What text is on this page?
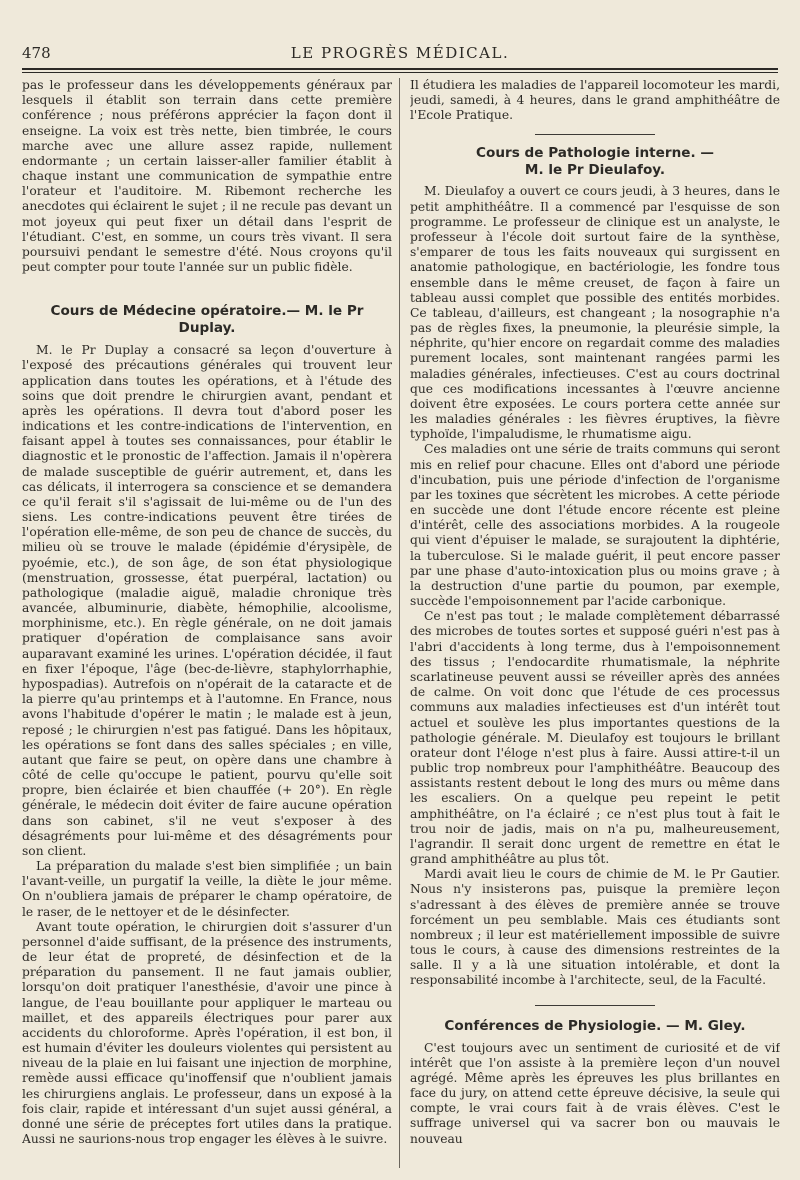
478	LE PROGRÈS MÉDICAL.

pas le professeur dans les développements généraux par lesquels il établit son terrain dans cette première conférence ; nous préférons apprécier la façon dont il enseigne. La voix est très nette, bien timbrée, le cours marche avec une allure assez rapide, nullement endormante ; un certain laisser-aller familier établit à chaque instant une communication de sympathie entre l'orateur et l'auditoire. M. Ribemont recherche les anecdotes qui éclairent le sujet ; il ne recule pas devant un mot joyeux qui peut fixer un détail dans l'esprit de l'étudiant. C'est, en somme, un cours très vivant. Il sera poursuivi pendant le semestre d'été. Nous croyons qu'il peut compter pour toute l'année sur un public fidèle.

Cours de Médecine opératoire.— M. le Pr Duplay.

M. le Pr Duplay a consacré sa leçon d'ouverture à l'exposé des précautions générales qui trouvent leur application dans toutes les opérations, et à l'étude des soins que doit prendre le chirurgien avant, pendant et après les opérations. Il devra tout d'abord poser les indications et les contre-indications de l'intervention, en faisant appel à toutes ses connaissances, pour établir le diagnostic et le pronostic de l'affection. Jamais il n'opèrera de malade susceptible de guérir autrement, et, dans les cas délicats, il interrogera sa conscience et se demandera ce qu'il ferait s'il s'agissait de lui-même ou de l'un des siens. Les contre-indications peuvent être tirées de l'opération elle-même, de son peu de chance de succès, du milieu où se trouve le malade (épidémie d'érysipèle, de pyoémie, etc.), de son âge, de son état physiologique (menstruation, grossesse, état puerpéral, lactation) ou pathologique (maladie aiguë, maladie chronique très avancée, albuminurie, diabète, hémophilie, alcoolisme, morphinisme, etc.). En règle générale, on ne doit jamais pratiquer d'opération de complaisance sans avoir auparavant examiné les urines. L'opération décidée, il faut en fixer l'époque, l'âge (bec-de-lièvre, staphylorrhaphie, hypospadias). Autrefois on n'opérait de la cataracte et de la pierre qu'au printemps et à l'automne. En France, nous avons l'habitude d'opérer le matin ; le malade est à jeun, reposé ; le chirurgien n'est pas fatigué. Dans les hôpitaux, les opérations se font dans des salles spéciales ; en ville, autant que faire se peut, on opère dans une chambre à côté de celle qu'occupe le patient, pourvu qu'elle soit propre, bien éclairée et bien chauffée (+ 20°). En règle générale, le médecin doit éviter de faire aucune opération dans son cabinet, s'il ne veut s'exposer à des désagréments pour lui-même et des désagréments pour son client.

La préparation du malade s'est bien simplifiée ; un bain l'avant-veille, un purgatif la veille, la diète le jour même. On n'oubliera jamais de préparer le champ opératoire, de le raser, de le nettoyer et de le désinfecter.

Avant toute opération, le chirurgien doit s'assurer d'un personnel d'aide suffisant, de la présence des instruments, de leur état de propreté, de désinfection et de la préparation du pansement. Il ne faut jamais oublier, lorsqu'on doit pratiquer l'anesthésie, d'avoir une pince à langue, de l'eau bouillante pour appliquer le marteau ou maillet, et des appareils électriques pour parer aux accidents du chloroforme. Après l'opération, il est bon, il est humain d'éviter les douleurs violentes qui persistent au niveau de la plaie en lui faisant une injection de morphine, remède aussi efficace qu'inoffensif que n'oublient jamais les chirurgiens anglais. Le professeur, dans un exposé à la fois clair, rapide et intéressant d'un sujet aussi général, a donné une série de préceptes fort utiles dans la pratique. Aussi ne saurions-nous trop engager les élèves à le suivre.

Il étudiera les maladies de l'appareil locomoteur les mardi, jeudi, samedi, à 4 heures, dans le grand amphithéâtre de l'Ecole Pratique.

Cours de Pathologie interne. —
M. le Pr Dieulafoy.

M. Dieulafoy a ouvert ce cours jeudi, à 3 heures, dans le petit amphithéâtre. Il a commencé par l'esquisse de son programme. Le professeur de clinique est un analyste, le professeur à l'école doit surtout faire de la synthèse, s'emparer de tous les faits nouveaux qui surgissent en anatomie pathologique, en bactériologie, les fondre tous ensemble dans le même creuset, de façon à faire un tableau aussi complet que possible des entités morbides. Ce tableau, d'ailleurs, est changeant ; la nosographie n'a pas de règles fixes, la pneumonie, la pleurésie simple, la néphrite, qu'hier encore on regardait comme des maladies purement locales, sont maintenant rangées parmi les maladies générales, infectieuses. C'est au cours doctrinal que ces modifications incessantes à l'œuvre ancienne doivent être exposées. Le cours portera cette année sur les maladies générales : les fièvres éruptives, la fièvre typhoïde, l'impaludisme, le rhumatisme aigu.

Ces maladies ont une série de traits communs qui seront mis en relief pour chacune. Elles ont d'abord une période d'incubation, puis une période d'infection de l'organisme par les toxines que sécrètent les microbes. A cette période en succède une dont l'étude encore récente est pleine d'intérêt, celle des associations morbides. A la rougeole qui vient d'épuiser le malade, se surajoutent la diphtérie, la tuberculose. Si le malade guérit, il peut encore passer par une phase d'auto-intoxication plus ou moins grave ; à la destruction d'une partie du poumon, par exemple, succède l'empoisonnement par l'acide carbonique.

Ce n'est pas tout ; le malade complètement débarrassé des microbes de toutes sortes et supposé guéri n'est pas à l'abri d'accidents à long terme, dus à l'empoisonnement des tissus ; l'endocardite rhumatismale, la néphrite scarlatineuse peuvent aussi se réveiller après des années de calme. On voit donc que l'étude de ces processus communs aux maladies infectieuses est d'un intérêt tout actuel et soulève les plus importantes questions de la pathologie générale. M. Dieulafoy est toujours le brillant orateur dont l'éloge n'est plus à faire. Aussi attire-t-il un public trop nombreux pour l'amphithéâtre. Beaucoup des assistants restent debout le long des murs ou même dans les escaliers. On a quelque peu repeint le petit amphithéâtre, on l'a éclairé ; ce n'est plus tout à fait le trou noir de jadis, mais on n'a pu, malheureusement, l'agrandir. Il serait donc urgent de remettre en état le grand amphithéâtre au plus tôt.

Mardi avait lieu le cours de chimie de M. le Pr Gautier. Nous n'y insisterons pas, puisque la première leçon s'adressant à des élèves de première année se trouve forcément un peu semblable. Mais ces étudiants sont nombreux ; il leur est matériellement impossible de suivre tous le cours, à cause des dimensions restreintes de la salle. Il y a là une situation intolérable, et dont la responsabilité incombe à l'architecte, seul, de la Faculté.

Conférences de Physiologie. — M. Gley.

C'est toujours avec un sentiment de curiosité et de vif intérêt que l'on assiste à la première leçon d'un nouvel agrégé. Même après les épreuves les plus brillantes en face du jury, on attend cette épreuve décisive, la seule qui compte, le vrai cours fait à de vrais élèves. C'est le suffrage universel qui va sacrer bon ou mauvais le nouveau
